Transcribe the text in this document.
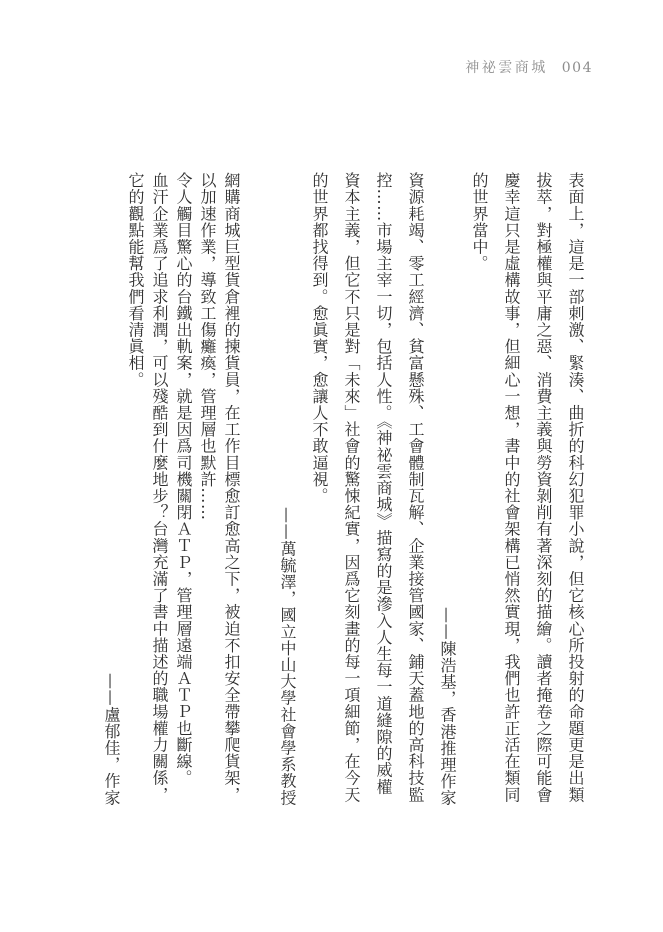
神祕雲商城 004

表面上，這是一部刺激、緊湊、曲折的科幻犯罪小說，但它核心所投射的命題更是出類拔萃，對極權與平庸之惡、消費主義與勞資剝削有著深刻的描繪。讀者掩卷之際可能會慶幸這只是虛構故事，但細心一想，書中的社會架構已悄然實現，我們也許正活在類同的世界當中。

——陳浩基，香港推理作家

資源耗竭、零工經濟、貧富懸殊、工會體制瓦解、企業接管國家、鋪天蓋地的高科技監控……市場主宰一切，包括人性。《神祕雲商城》描寫的是滲入人生每一道縫隙的威權資本主義，但它不只是對「未來」社會的驚悚紀實，因爲它刻畫的每一項細節，在今天的世界都找得到。愈眞實，愈讓人不敢逼視。

——萬毓澤，國立中山大學社會學系教授

網購商城巨型貨倉裡的揀貨員，在工作目標愈訂愈高之下，被迫不扣安全帶攀爬貨架，以加速作業，導致工傷癱瘓，管理層也默許……

令人觸目驚心的台鐵出軌案，就是因爲司機關閉ＡＴＰ，管理層遠端ＡＴＰ也斷線。

血汗企業爲了追求利潤，可以殘酷到什麼地步？台灣充滿了書中描述的職場權力關係，它的觀點能幫我們看清眞相。

——盧郁佳，作家
